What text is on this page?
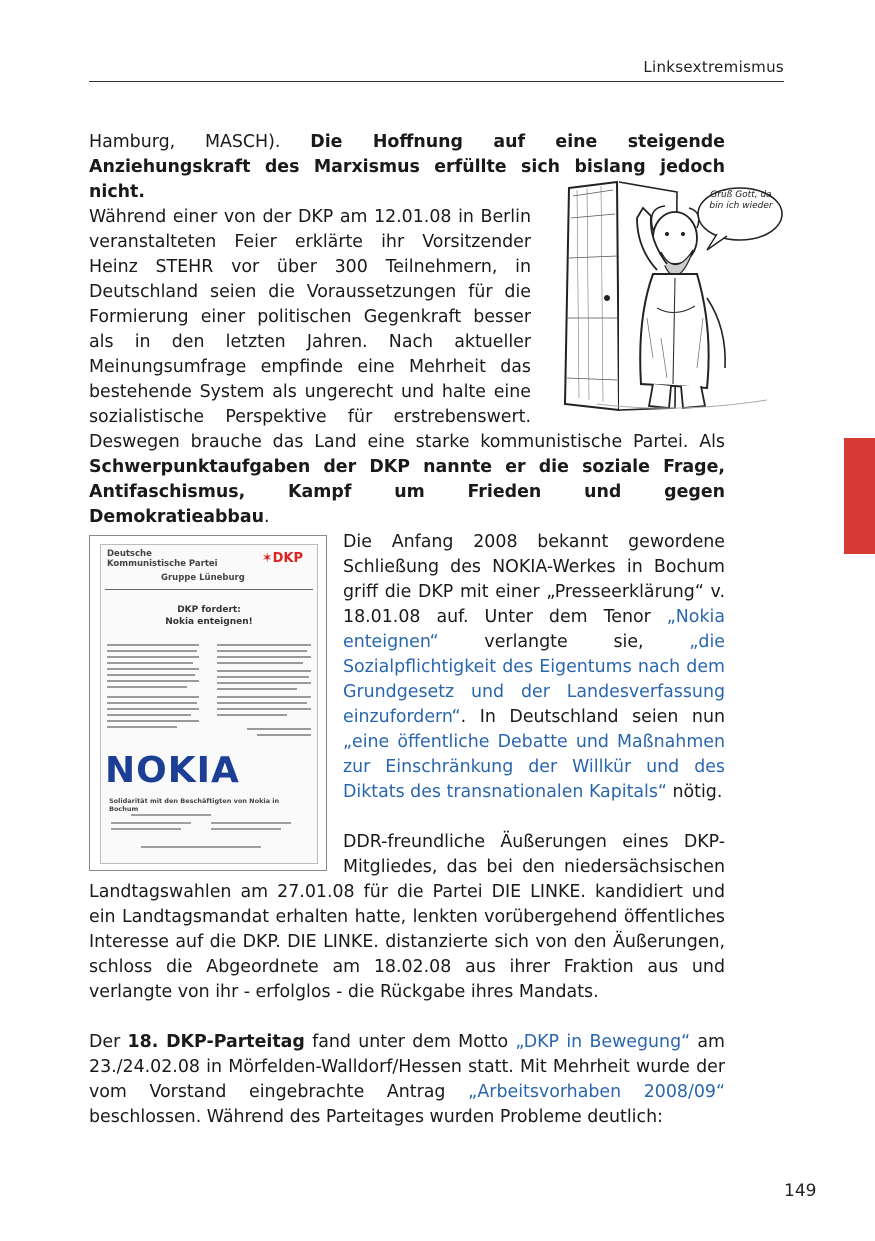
Linksextremismus

Hamburg, MASCH). Die Hoffnung auf eine steigende Anziehungskraft des Marxismus erfüllte sich bislang jedoch nicht.

Während einer von der DKP am 12.01.08 in Berlin veranstalteten Feier erklärte ihr Vorsitzender Heinz STEHR vor über 300 Teilnehmern, in Deutschland seien die Voraussetzungen für die Formierung einer politischen Gegenkraft besser als in den letzten Jahren. Nach aktueller Meinungsumfrage empfinde eine Mehrheit das bestehende System als ungerecht und halte eine sozialistische Perspektive für erstrebenswert.

Deswegen brauche das Land eine starke kommunistische Partei. Als Schwerpunktaufgaben der DKP nannte er die soziale Frage, Antifaschismus, Kampf um Frieden und gegen Demokratieabbau.

Grüß Gott, da bin ich wieder
Deutsche Kommunistische Partei
Gruppe Lüneburg
✶DKP
DKP fordert:
Nokia enteignen!
NOKIA
Solidarität mit den Beschäftigten von Nokia in Bochum

Die Anfang 2008 bekannt gewordene Schließung des NOKIA-Werkes in Bochum griff die DKP mit einer „Presseerklärung“ v. 18.01.08 auf. Unter dem Tenor „Nokia enteignen“ verlangte sie, „die Sozialpflichtigkeit des Eigentums nach dem Grundgesetz und der Landesverfassung einzufordern“. In Deutschland seien nun „eine öffentliche Debatte und Maßnahmen zur Einschränkung der Willkür und des Diktats des transnationalen Kapitals“ nötig.

DDR-freundliche Äußerungen eines DKP-Mitgliedes, das bei den niedersächsischen

Landtagswahlen am 27.01.08 für die Partei DIE LINKE. kandidiert und ein Landtagsmandat erhalten hatte, lenkten vorübergehend öffentliches Interesse auf die DKP. DIE LINKE. distanzierte sich von den Äußerungen, schloss die Abgeordnete am 18.02.08 aus ihrer Fraktion aus und verlangte von ihr - erfolglos - die Rückgabe ihres Mandats.

Der 18. DKP-Parteitag fand unter dem Motto „DKP in Bewegung“ am 23./24.02.08 in Mörfelden-Walldorf/Hessen statt. Mit Mehrheit wurde der vom Vorstand eingebrachte Antrag „Arbeitsvorhaben 2008/09“ beschlossen. Während des Parteitages wurden Probleme deutlich:

149
